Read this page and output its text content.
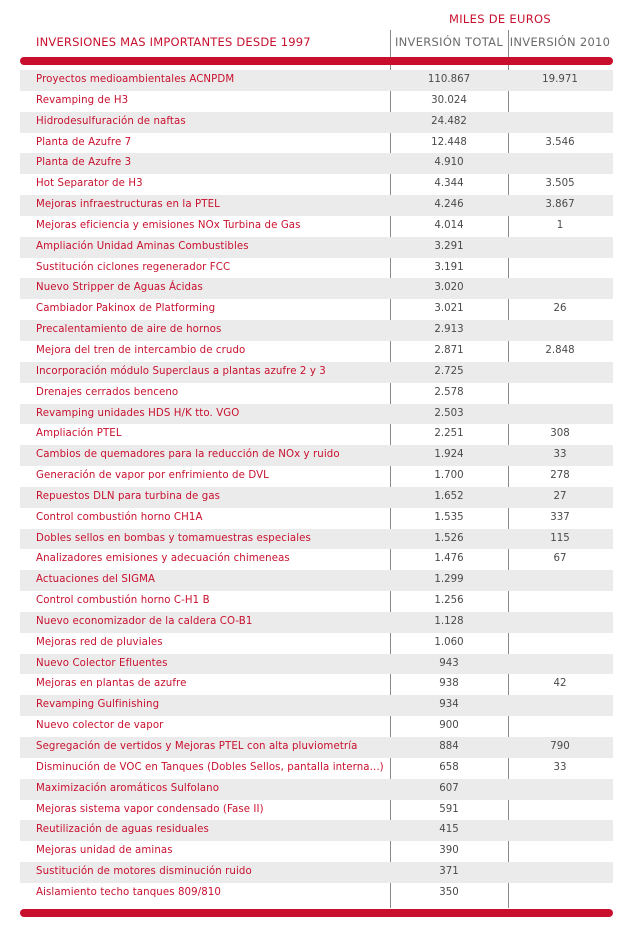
MILES DE EUROS
INVERSIONES MAS IMPORTANTES DESDE 1997	INVERSIÓN TOTAL INVERSIÓN 2010
Proyectos medioambientales ACNPDM	110.867	19.971
Revamping de H3	30.024
Hidrodesulfuración de naftas	24.482
Planta de Azufre 7	12.448	3.546
Planta de Azufre 3	4.910
Hot Separator de H3	4.344	3.505
Mejoras infraestructuras en la PTEL	4.246	3.867
Mejoras eficiencia y emisiones NOx Turbina de Gas	4.014	1
Ampliación Unidad Aminas Combustibles	3.291
Sustitución ciclones regenerador FCC	3.191
Nuevo Stripper de Aguas Ácidas	3.020
Cambiador Pakinox de Platforming	3.021	26
Precalentamiento de aire de hornos	2.913
Mejora del tren de intercambio de crudo	2.871	2.848
Incorporación módulo Superclaus a plantas azufre 2 y 3	2.725
Drenajes cerrados benceno	2.578
Revamping unidades HDS H/K tto. VGO	2.503
Ampliación PTEL	2.251	308
Cambios de quemadores para la reducción de NOx y ruido	1.924	33
Generación de vapor por enfrimiento de DVL	1.700	278
Repuestos DLN para turbina de gas	1.652	27
Control combustión horno CH1A	1.535	337
Dobles sellos en bombas y tomamuestras especiales	1.526	115
Analizadores emisiones y adecuación chimeneas	1.476	67
Actuaciones del SIGMA	1.299
Control combustión horno C-H1 B	1.256
Nuevo economizador de la caldera CO-B1	1.128
Mejoras red de pluviales	1.060
Nuevo Colector Efluentes	943
Mejoras en plantas de azufre	938	42
Revamping Gulfinishing	934
Nuevo colector de vapor	900
Segregación de vertidos y Mejoras PTEL con alta pluviometría	884	790
Disminución de VOC en Tanques (Dobles Sellos, pantalla interna...)	658	33
Maximización aromáticos Sulfolano	607
Mejoras sistema vapor condensado (Fase II)	591
Reutilización de aguas residuales	415
Mejoras unidad de aminas	390
Sustitución de motores disminución ruido	371
Aislamiento techo tanques 809/810	350
